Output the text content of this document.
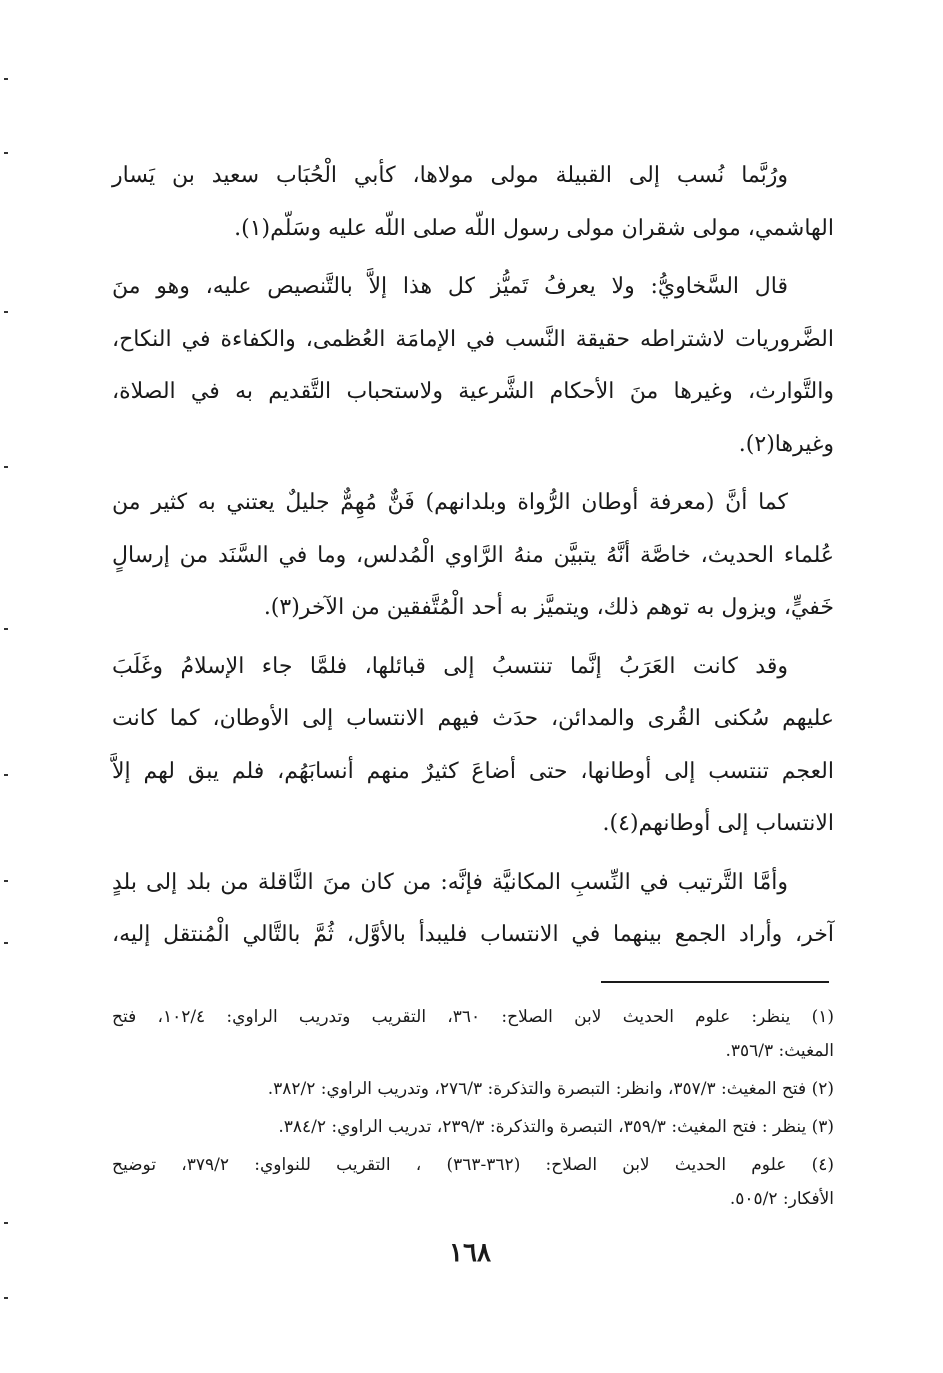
ورُبَّما نُسب إلى القبيلة مولى مولاها، كأبي الْحُبَاب سعيد بن يَسار
الهاشمي، مولى شقران مولى رسول اللّه صلى اللّه عليه وسَلّم(١).

قال السَّخاويُّ: ولا يعرفُ تَميُّز كل هذا إلاَّ بالتَّنصيص عليه، وهو منَ
الضَّروريات لاشتراطه حقيقة النَّسب في الإمامَة العُظمى، والكفاءة في النكاح،
والتَّوارث، وغيرها منَ الأحكام الشَّرعية ولاستحباب التَّقديم به في الصلاة،
وغيرها(٢).

كما أنَّ (معرفة أوطان الرُّواة وبلدانهم) فَنٌّ مُهِمٌّ جليلٌ يعتني به كثير من
عُلماء الحديث، خاصَّة أنَّهُ يتبيَّن منهُ الرَّاوي الْمُدلس، وما في السَّنَد من إرسالٍ
خَفيٍّ، ويزول به توهم ذلك، ويتميَّز به أحد الْمُتَّفقين من الآخر(٣).

وقد كانت العَرَبُ إنَّما تنتسبُ إلى قبائلها، فلمَّا جاء الإسلامُ وغَلَبَ
عليهم سُكنى القُرى والمدائن، حدَث فيهم الانتساب إلى الأوطان، كما كانت
العجم تنتسب إلى أوطانها، حتى أضاعَ كثيرٌ منهم أنسابَهُم، فلم يبق لهم إلاَّ
الانتساب إلى أوطانهم(٤).

وأمَّا التَّرتيب في النِّسبِ المكانيَّة فإنَّه: من كان منَ النَّاقلة من بلد إلى بلدٍ
آخر، وأراد الجمع بينهما في الانتساب فليبدأ بالأوَّل، ثُمَّ بالتَّالي الْمُنتقل إليه،

(١) ينظر: علوم الحديث لابن الصلاح: ٣٦٠، التقريب وتدريب الراوي: ١٠٢/٤، فتح
المغيث: ٣٥٦/٣.
(٢) فتح المغيث: ٣٥٧/٣، وانظر: التبصرة والتذكرة: ٢٧٦/٣، وتدريب الراوي: ٣٨٢/٢.
(٣) ينظر : فتح المغيث: ٣٥٩/٣، التبصرة والتذكرة: ٢٣٩/٣، تدريب الراوي: ٣٨٤/٢.
(٤) علوم الحديث لابن الصلاح: (٣٦٢-٣٦٣) ، التقريب للنواوي: ٣٧٩/٢، توضيح
الأفكار: ٥٠٥/٢.
١٦٨
